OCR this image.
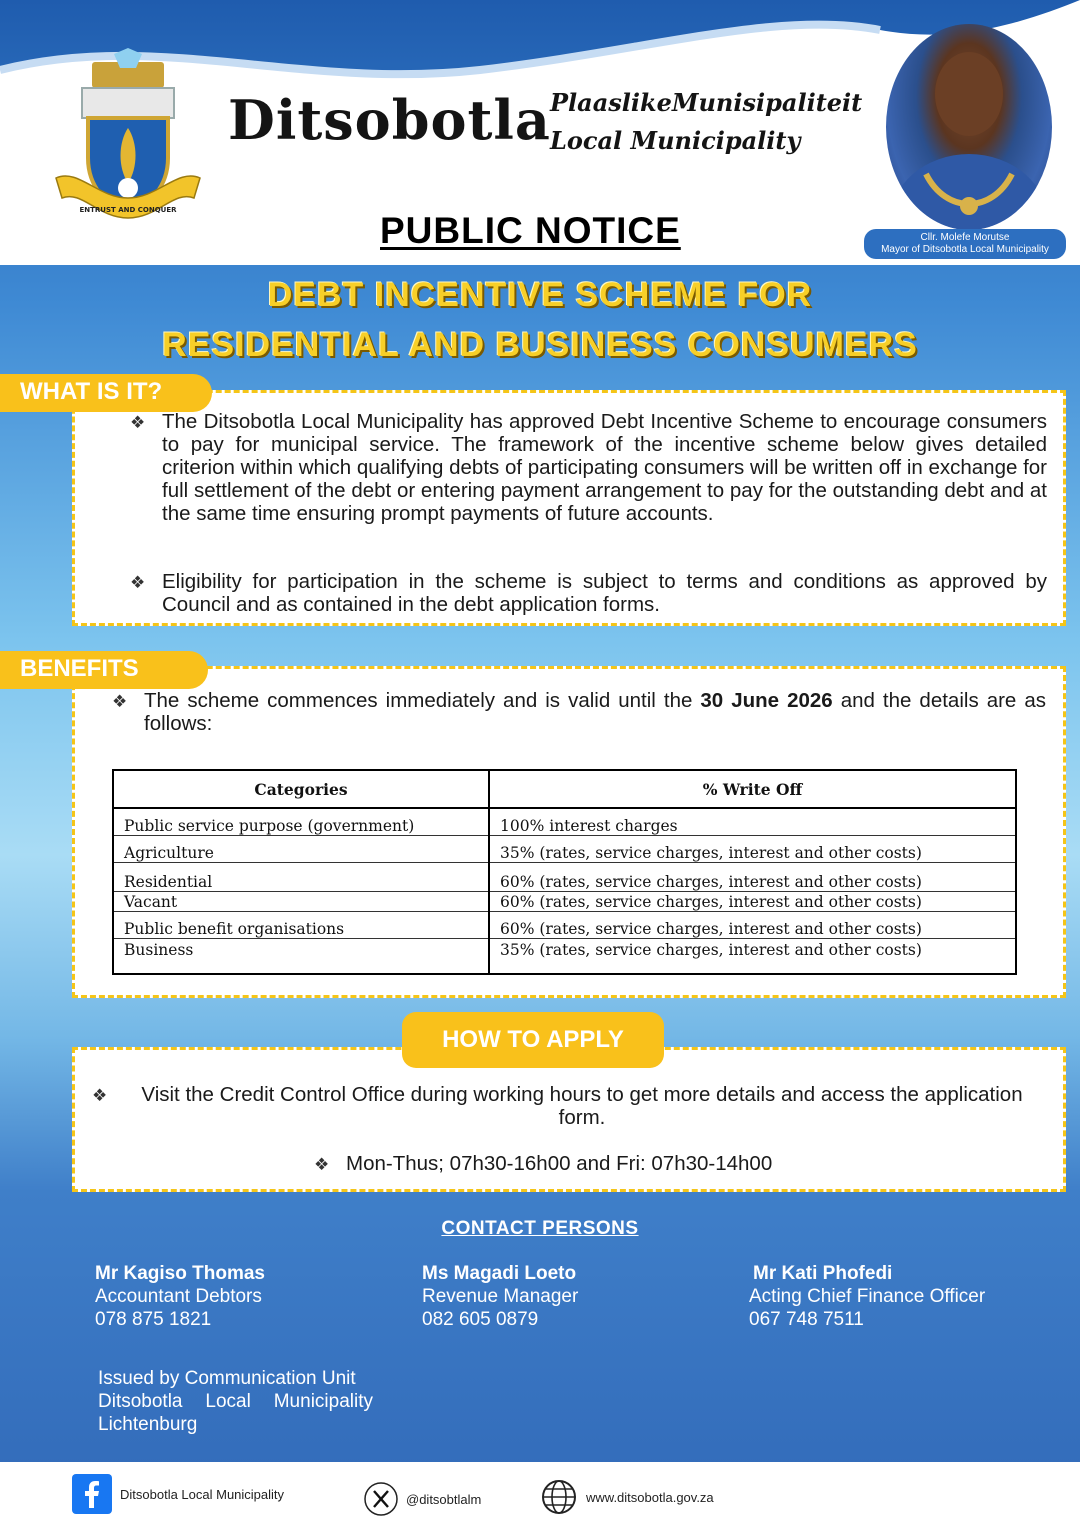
ENTRUST AND CONQUER
Ditsobotla PlaaslikeMunisipaliteit
Local Municipality
PUBLIC NOTICE	Cllr. Molefe Morutse
Mayor of Ditsobotla Local Municipality
DEBT INCENTIVE SCHEME FOR
RESIDENTIAL AND BUSINESS CONSUMERS
WHAT IS IT?
❖ The Ditsobotla Local Municipality has approved Debt Incentive Scheme to encourage consumers to pay for municipal service. The framework of the incentive scheme below gives detailed criterion within which qualifying debts of participating consumers will be written off in exchange for full settlement of the debt or entering payment arrangement to pay for the outstanding debt and at the same time ensuring prompt payments of future accounts.
❖ Eligibility for participation in the scheme is subject to terms and conditions as approved by Council and as contained in the debt application forms.
BENEFITS
❖ The scheme commences immediately and is valid until the 30 June 2026 and the details are as follows:
Categories	% Write Off
Public service purpose (government)	100% interest charges
Agriculture	35% (rates, service charges, interest and other costs)
Residential	60% (rates, service charges, interest and other costs)
Vacant	60% (rates, service charges, interest and other costs)
Public benefit organisations	60% (rates, service charges, interest and other costs)
Business	35% (rates, service charges, interest and other costs)
HOW TO APPLY
❖	Visit the Credit Control Office during working hours to get more details and access the application form.
❖ Mon-Thus; 07h30-16h00 and Fri: 07h30-14h00
CONTACT PERSONS
Mr Kagiso Thomas
Accountant Debtors
078 875 1821
Ms Magadi Loeto
Revenue Manager
082 605 0879
Mr Kati Phofedi
Acting Chief Finance Officer
067 748 7511
Issued by Communication Unit
Ditsobotla Local Municipality
Lichtenburg
Ditsobotla Local Municipality	@ditsobtlalm	www.ditsobotla.gov.za
